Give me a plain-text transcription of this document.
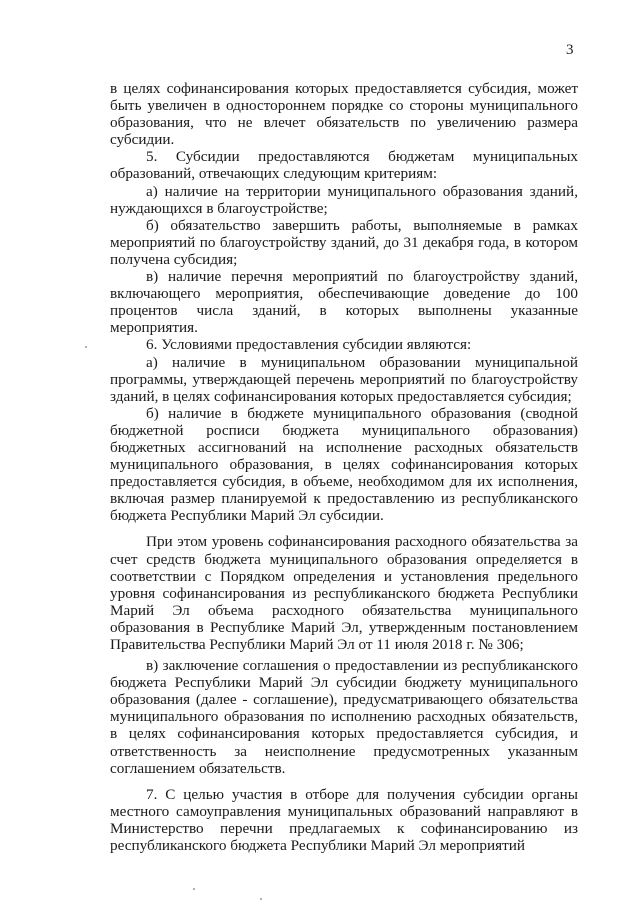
3

в целях софинансирования которых предоставляется субсидия, может быть увеличен в одностороннем порядке со стороны муниципального образования, что не влечет обязательств по увеличению размера субсидии.

5. Субсидии предоставляются бюджетам муниципальных образований, отвечающих следующим критериям:

а) наличие на территории муниципального образования зданий, нуждающихся в благоустройстве;

б) обязательство завершить работы, выполняемые в рамках мероприятий по благоустройству зданий, до 31 декабря года, в котором получена субсидия;

в) наличие перечня мероприятий по благоустройству зданий, включающего мероприятия, обеспечивающие доведение до 100 процентов числа зданий, в которых выполнены указанные мероприятия.

6. Условиями предоставления субсидии являются:

а) наличие в муниципальном образовании муниципальной программы, утверждающей перечень мероприятий по благоустройству зданий, в целях софинансирования которых предоставляется субсидия;

б) наличие в бюджете муниципального образования (сводной бюджетной росписи бюджета муниципального образования) бюджетных ассигнований на исполнение расходных обязательств муниципального образования, в целях софинансирования которых предоставляется субсидия, в объеме, необходимом для их исполнения, включая размер планируемой к предоставлению из республиканского бюджета Республики Марий Эл субсидии.

При этом уровень софинансирования расходного обязательства за счет средств бюджета муниципального образования определяется в соответствии с Порядком определения и установления предельного уровня софинансирования из республиканского бюджета Республики Марий Эл объема расходного обязательства муниципального образования в Республике Марий Эл, утвержденным постановлением Правительства Республики Марий Эл от 11 июля 2018 г. № 306;

в) заключение соглашения о предоставлении из республиканского бюджета Республики Марий Эл субсидии бюджету муниципального образования (далее - соглашение), предусматривающего обязательства муниципального образования по исполнению расходных обязательств, в целях софинансирования которых предоставляется субсидия, и ответственность за неисполнение предусмотренных указанным соглашением обязательств.

7. С целью участия в отборе для получения субсидии органы местного самоуправления муниципальных образований направляют в Министерство перечни предлагаемых к софинансированию из республиканского бюджета Республики Марий Эл мероприятий
